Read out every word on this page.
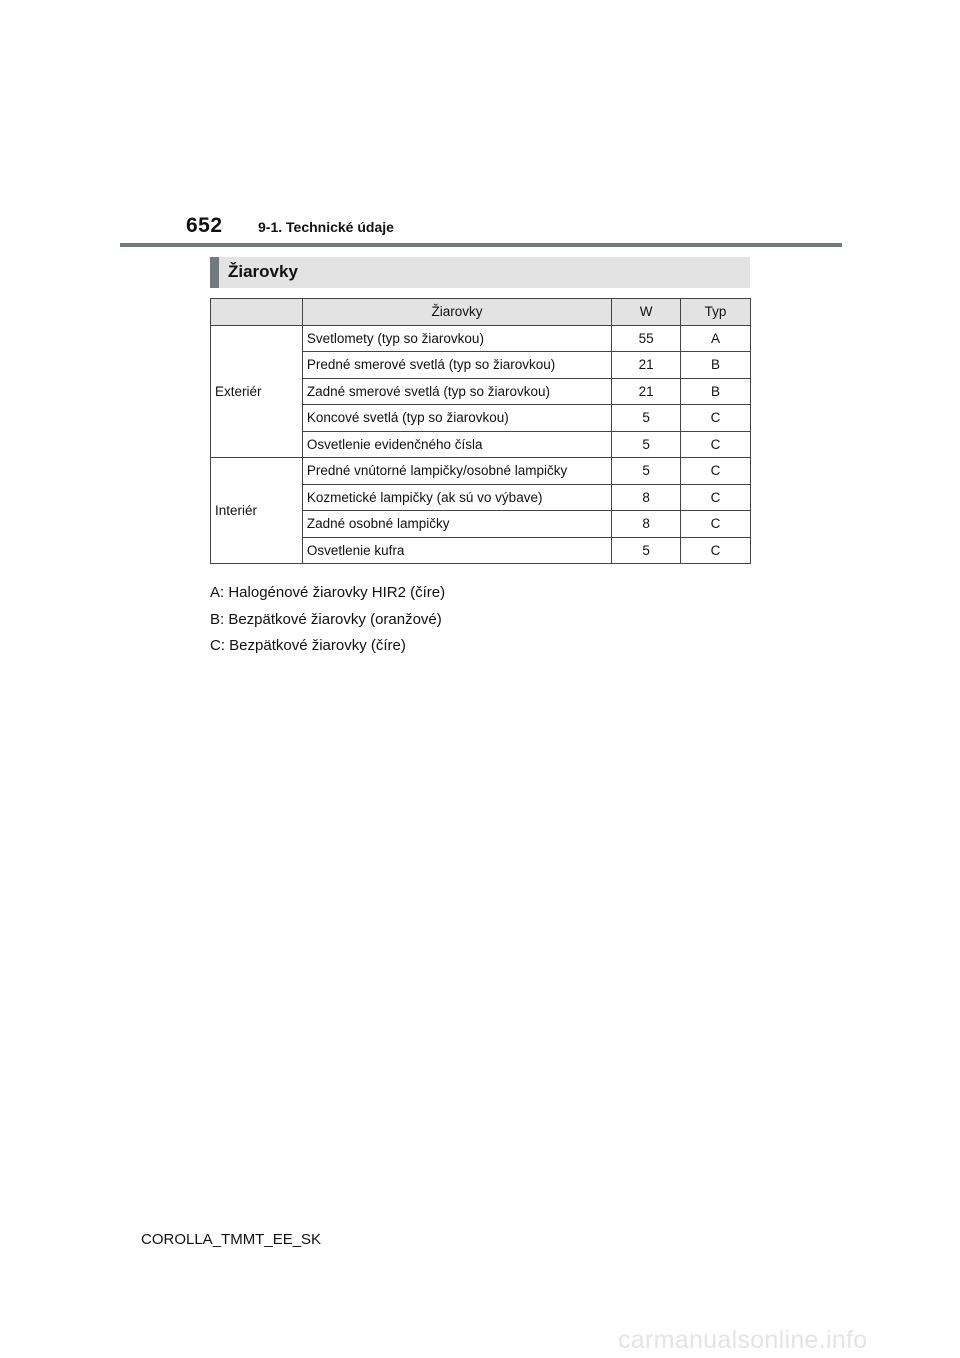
652	9-1. Technické údaje
Žiarovky
	Žiarovky	W	Typ
Exteriér	Svetlomety (typ so žiarovkou)	55	A
	Predné smerové svetlá (typ so žiarovkou)	21	B
	Zadné smerové svetlá (typ so žiarovkou)	21	B
	Koncové svetlá (typ so žiarovkou)	5	C
	Osvetlenie evidenčného čísla	5	C
Interiér	Predné vnútorné lampičky/osobné lampičky	5	C
	Kozmetické lampičky (ak sú vo výbave)	8	C
	Zadné osobné lampičky	8	C
	Osvetlenie kufra	5	C
A: Halogénové žiarovky HIR2 (číre)
B: Bezpätkové žiarovky (oranžové)
C: Bezpätkové žiarovky (číre)
COROLLA_TMMT_EE_SK
carmanualsonline.info
